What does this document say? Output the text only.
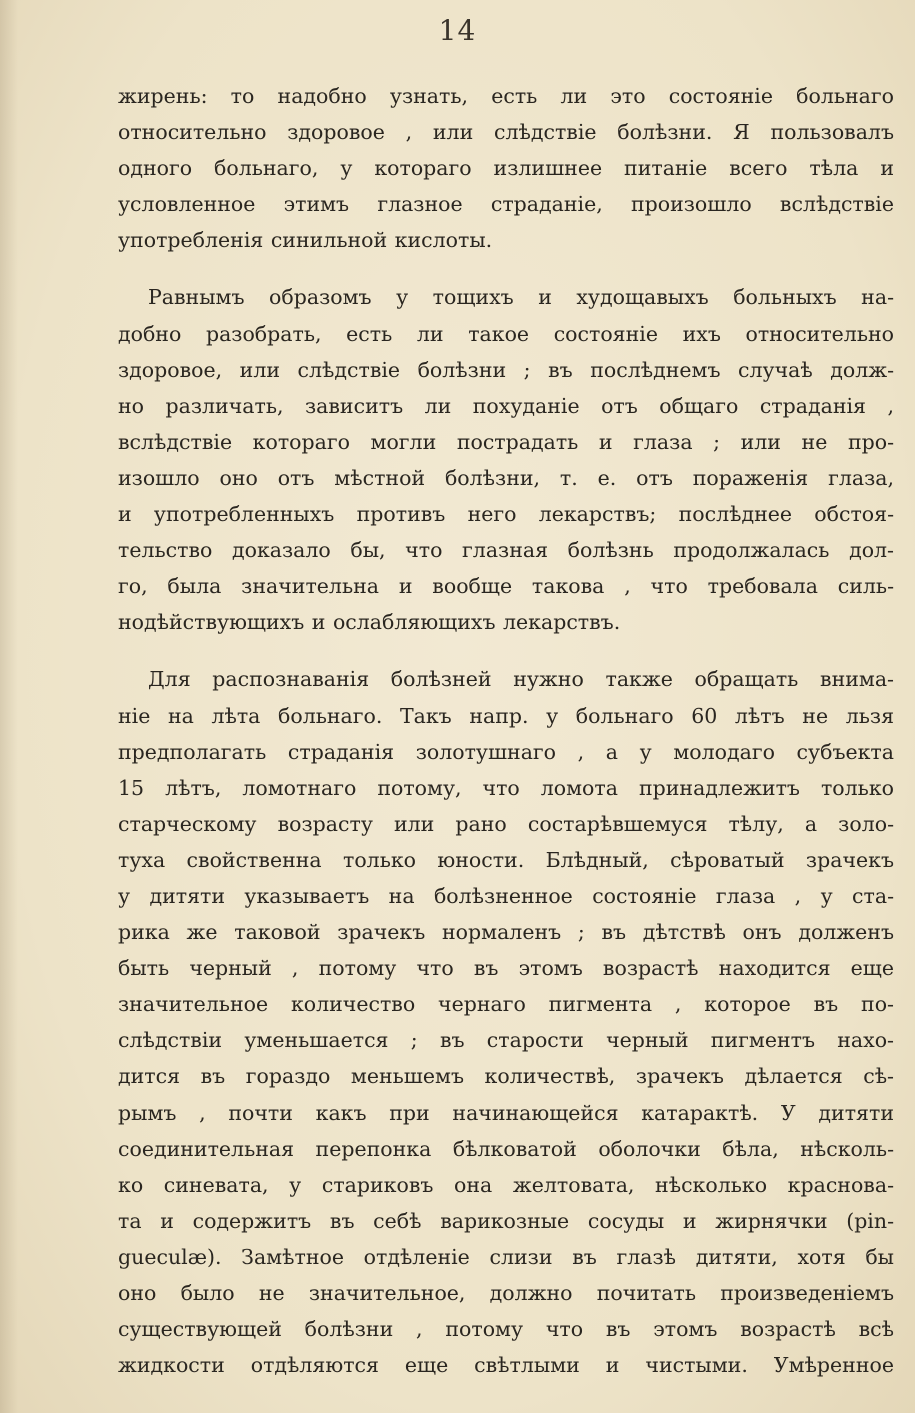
14
жирень: то надобно узнать, есть ли это состояніе больнаго
относительно здоровое , или слѣдствіе болѣзни. Я пользовалъ
одного больнаго, у котораго излишнее питаніе всего тѣла и
условленное этимъ глазное страданіе, произошло вслѣдствіе
употребленія синильной кислоты.
Равнымъ образомъ у тощихъ и худощавыхъ больныхъ на-
добно разобрать, есть ли такое состояніе ихъ относительно
здоровое, или слѣдствіе болѣзни ; въ послѣднемъ случаѣ долж-
но различать, зависитъ ли похуданіе отъ общаго страданія ,
вслѣдствіе котораго могли пострадать и глаза ; или не про-
изошло оно отъ мѣстной болѣзни, т. е. отъ пораженія глаза,
и употребленныхъ противъ него лекарствъ; послѣднее обстоя-
тельство доказало бы, что глазная болѣзнь продолжалась дол-
го, была значительна и вообще такова , что требовала силь-
нодѣйствующихъ и ослабляющихъ лекарствъ.
Для распознаванія болѣзней нужно также обращать внима-
ніе на лѣта больнаго. Такъ напр. у больнаго 60 лѣтъ не льзя
предполагать страданія золотушнаго , а у молодаго субъекта
15 лѣтъ, ломотнаго потому, что ломота принадлежитъ только
старческому возрасту или рано состарѣвшемуся тѣлу, а золо-
туха свойственна только юности. Блѣдный, сѣроватый зрачекъ
у дитяти указываетъ на болѣзненное состояніе глаза , у ста-
рика же таковой зрачекъ нормаленъ ; въ дѣтствѣ онъ долженъ
быть черный , потому что въ этомъ возрастѣ находится еще
значительное количество чернаго пигмента , которое въ по-
слѣдствіи уменьшается ; въ старости черный пигментъ нахо-
дится въ гораздо меньшемъ количествѣ, зрачекъ дѣлается сѣ-
рымъ , почти какъ при начинающейся катарактѣ. У дитяти
соединительная перепонка бѣлковатой оболочки бѣла, нѣсколь-
ко синевата, у стариковъ она желтовата, нѣсколько краснова-
та и содержитъ въ себѣ варикозные сосуды и жирнячки (pin-
gueculæ). Замѣтное отдѣленіе слизи въ глазѣ дитяти, хотя бы
оно было не значительное, должно почитать произведеніемъ
существующей болѣзни , потому что въ этомъ возрастѣ всѣ
жидкости отдѣляются еще свѣтлыми и чистыми. Умѣренное
